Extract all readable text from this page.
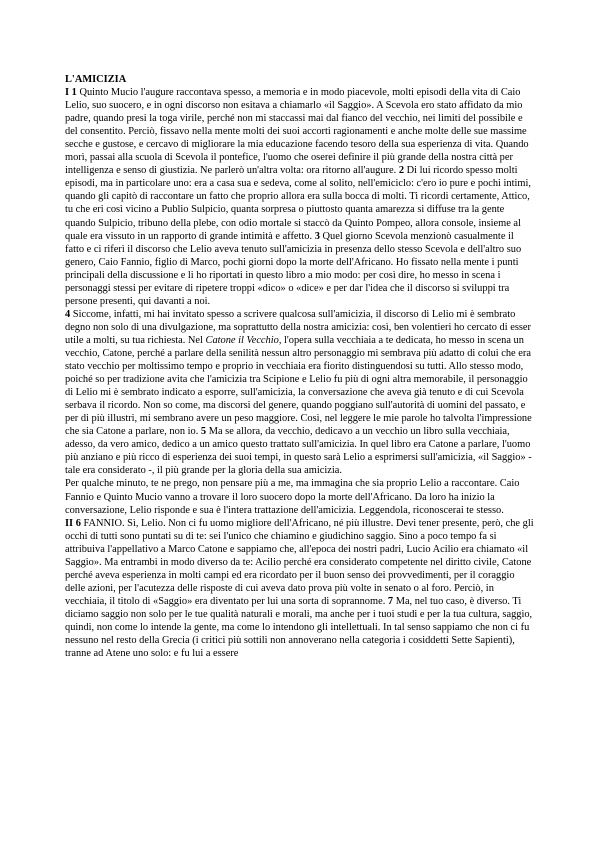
L'AMICIZIA

I 1 Quinto Mucio l'augure raccontava spesso, a memoria e in modo piacevole, molti episodi della vita di Caio Lelio, suo suocero, e in ogni discorso non esitava a chiamarlo «il Saggio». A Scevola ero stato affidato da mio padre, quando presi la toga virile, perché non mi staccassi mai dal fianco del vecchio, nei limiti del possibile e del consentito. Perciò, fissavo nella mente molti dei suoi accorti ragionamenti e anche molte delle sue massime secche e gustose, e cercavo di migliorare la mia educazione facendo tesoro della sua esperienza di vita. Quando morì, passai alla scuola di Scevola il pontefice, l'uomo che oserei definire il più grande della nostra città per intelligenza e senso di giustizia. Ne parlerò un'altra volta: ora ritorno all'augure. 2 Di lui ricordo spesso molti episodi, ma in particolare uno: era a casa sua e sedeva, come al solito, nell'emiciclo: c'ero io pure e pochi intimi, quando gli capitò di raccontare un fatto che proprio allora era sulla bocca di molti. Ti ricordi certamente, Attico, tu che eri così vicino a Publio Sulpicio, quanta sorpresa o piuttosto quanta amarezza si diffuse tra la gente quando Sulpicio, tribuno della plebe, con odio mortale si staccò da Quinto Pompeo, allora console, insieme al quale era vissuto in un rapporto di grande intimità e affetto. 3 Quel giorno Scevola menzionò casualmente il fatto e ci riferì il discorso che Lelio aveva tenuto sull'amicizia in presenza dello stesso Scevola e dell'altro suo genero, Caio Fannio, figlio di Marco, pochi giorni dopo la morte dell'Africano. Ho fissato nella mente i punti principali della discussione e li ho riportati in questo libro a mio modo: per così dire, ho messo in scena i personaggi stessi per evitare di ripetere troppi «dico» o «dice» e per dar l'idea che il discorso si sviluppi tra persone presenti, qui davanti a noi.

4 Siccome, infatti, mi hai invitato spesso a scrivere qualcosa sull'amicizia, il discorso di Lelio mi è sembrato degno non solo di una divulgazione, ma soprattutto della nostra amicizia: così, ben volentieri ho cercato di esser utile a molti, su tua richiesta. Nel Catone il Vecchio, l'opera sulla vecchiaia a te dedicata, ho messo in scena un vecchio, Catone, perché a parlare della senilità nessun altro personaggio mi sembrava più adatto di colui che era stato vecchio per moltissimo tempo e proprio in vecchiaia era fiorito distinguendosi su tutti. Allo stesso modo, poiché so per tradizione avita che l'amicizia tra Scipione e Lelio fu più di ogni altra memorabile, il personaggio di Lelio mi è sembrato indicato a esporre, sull'amicizia, la conversazione che aveva già tenuto e di cui Scevola serbava il ricordo. Non so come, ma discorsi del genere, quando poggiano sull'autorità di uomini del passato, e per di più illustri, mi sembrano avere un peso maggiore. Così, nel leggere le mie parole ho talvolta l'impressione che sia Catone a parlare, non io. 5 Ma se allora, da vecchio, dedicavo a un vecchio un libro sulla vecchiaia, adesso, da vero amico, dedico a un amico questo trattato sull'amicizia. In quel libro era Catone a parlare, l'uomo più anziano e più ricco di esperienza dei suoi tempi, in questo sarà Lelio a esprimersi sull'amicizia, «il Saggio» - tale era considerato -, il più grande per la gloria della sua amicizia.

Per qualche minuto, te ne prego, non pensare più a me, ma immagina che sia proprio Lelio a raccontare. Caio Fannio e Quinto Mucio vanno a trovare il loro suocero dopo la morte dell'Africano. Da loro ha inizio la conversazione, Lelio risponde e sua è l'intera trattazione dell'amicizia. Leggendola, riconoscerai te stesso.

II 6 FANNIO. Sì, Lelio. Non ci fu uomo migliore dell'Africano, né più illustre. Devi tener presente, però, che gli occhi di tutti sono puntati su di te: sei l'unico che chiamino e giudichino saggio. Sino a poco tempo fa si attribuiva l'appellativo a Marco Catone e sappiamo che, all'epoca dei nostri padri, Lucio Acilio era chiamato «il Saggio». Ma entrambi in modo diverso da te: Acilio perché era considerato competente nel diritto civile, Catone perché aveva esperienza in molti campi ed era ricordato per il buon senso dei provvedimenti, per il coraggio delle azioni, per l'acutezza delle risposte di cui aveva dato prova più volte in senato o al foro. Perciò, in vecchiaia, il titolo di «Saggio» era diventato per lui una sorta di soprannome. 7 Ma, nel tuo caso, è diverso. Ti diciamo saggio non solo per le tue qualità naturali e morali, ma anche per i tuoi studi e per la tua cultura, saggio, quindi, non come lo intende la gente, ma come lo intendono gli intellettuali. In tal senso sappiamo che non ci fu nessuno nel resto della Grecia (i critici più sottili non annoverano nella categoria i cosiddetti Sette Sapienti), tranne ad Atene uno solo: e fu lui a essere
